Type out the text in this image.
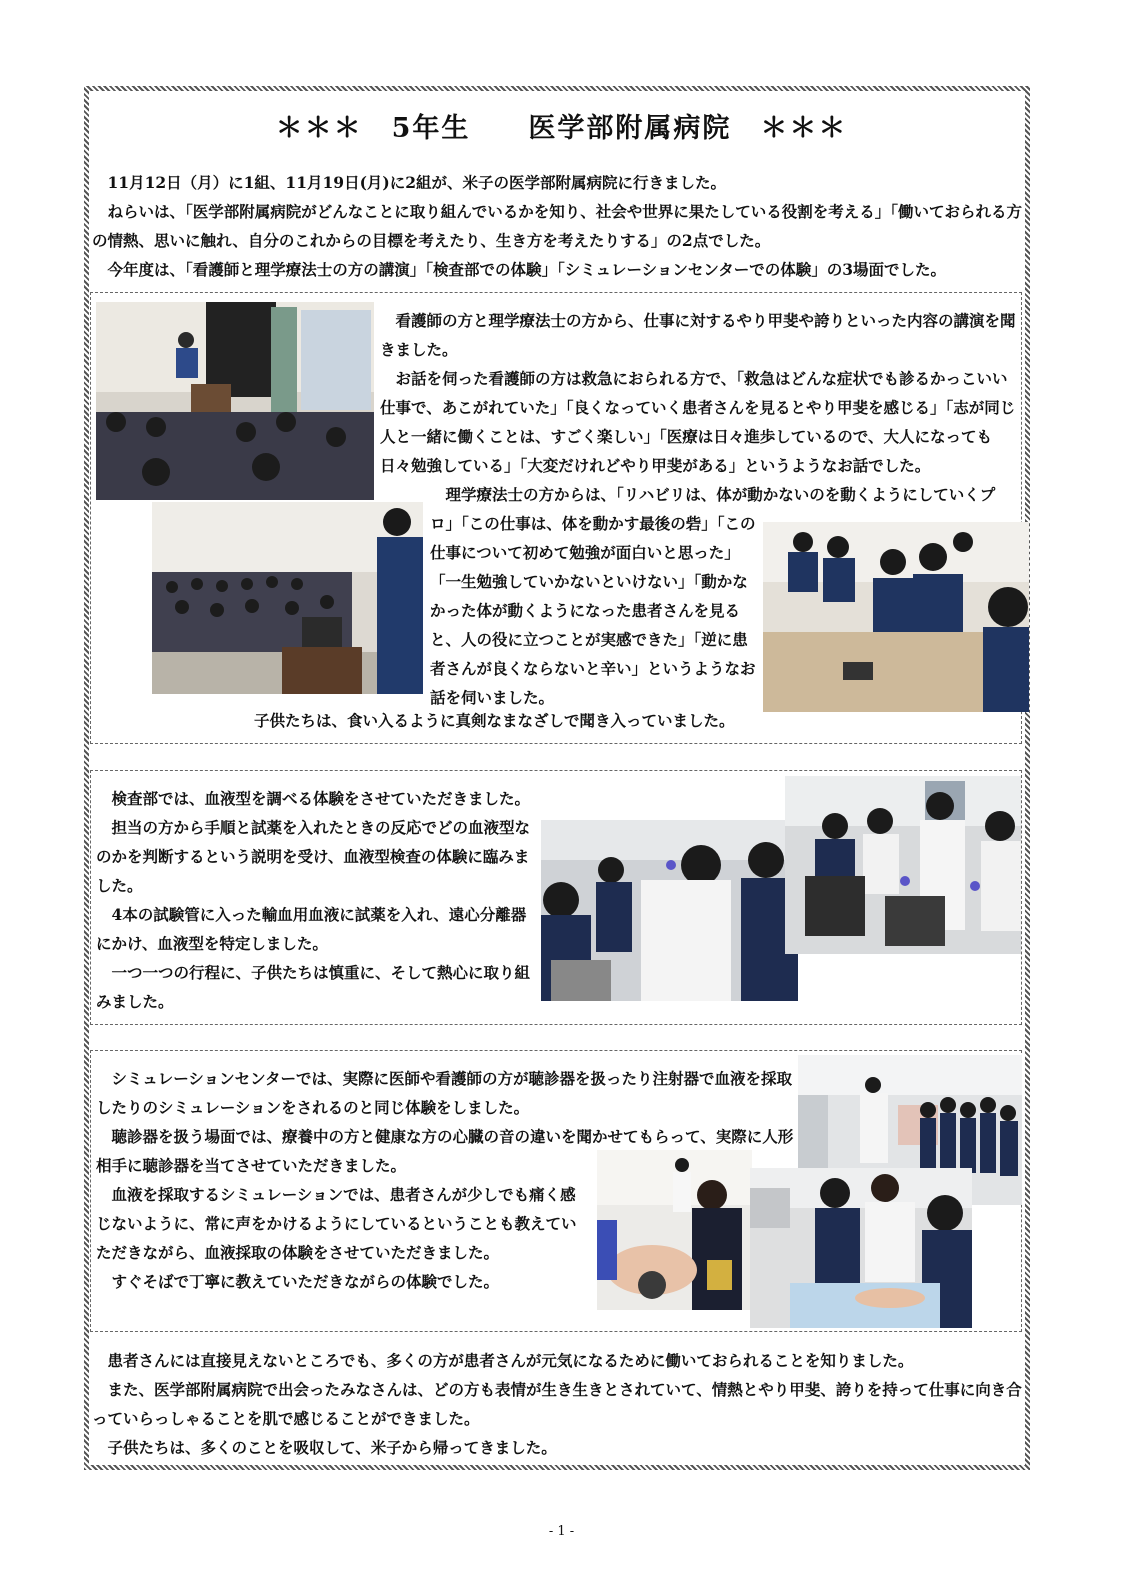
＊＊＊　5年生　　医学部附属病院　＊＊＊

11月12日（月）に1組、11月19日(月)に2組が、米子の医学部附属病院に行きました。

ねらいは、「医学部附属病院がどんなことに取り組んでいるかを知り、社会や世界に果たしている役割を考える」「働いておられる方の情熱、思いに触れ、自分のこれからの目標を考えたり、生き方を考えたりする」の2点でした。

今年度は、「看護師と理学療法士の方の講演」「検査部での体験」「シミュレーションセンターでの体験」の3場面でした。

看護師の方と理学療法士の方から、仕事に対するやり甲斐や誇りといった内容の講演を聞きました。

お話を伺った看護師の方は救急におられる方で、「救急はどんな症状でも診るかっこいい仕事で、あこがれていた」「良くなっていく患者さんを見るとやり甲斐を感じる」「志が同じ人と一緒に働くことは、すごく楽しい」「医療は日々進歩しているので、大人になっても日々勉強している」「大変だけれどやり甲斐がある」というようなお話でした。

理学療法士の方からは、「リハビリは、体が動かないのを動くようにしていくプ

ロ」「この仕事は、体を動かす最後の砦」「この仕事について初めて勉強が面白いと思った」「一生勉強していかないといけない」「動かなかった体が動くようになった患者さんを見ると、人の役に立つことが実感できた」「逆に患者さんが良くならないと辛い」というようなお話を伺いました。

子供たちは、食い入るように真剣なまなざしで聞き入っていました。

検査部では、血液型を調べる体験をさせていただきました。

担当の方から手順と試薬を入れたときの反応でどの血液型なのかを判断するという説明を受け、血液型検査の体験に臨みました。

4本の試験管に入った輸血用血液に試薬を入れ、遠心分離器にかけ、血液型を特定しました。

一つ一つの行程に、子供たちは慎重に、そして熱心に取り組みました。

シミュレーションセンターでは、実際に医師や看護師の方が聴診器を扱ったり注射器で血液を採取したりのシミュレーションをされるのと同じ体験をしました。

聴診器を扱う場面では、療養中の方と健康な方の心臓の音の違いを聞かせてもらって、実際に人形相手に聴診器を当てさせていただきました。

血液を採取するシミュレーションでは、患者さんが少しでも痛く感じないように、常に声をかけるようにしているということも教えていただきながら、血液採取の体験をさせていただきました。

すぐそばで丁寧に教えていただきながらの体験でした。

患者さんには直接見えないところでも、多くの方が患者さんが元気になるために働いておられることを知りました。

また、医学部附属病院で出会ったみなさんは、どの方も表情が生き生きとされていて、情熱とやり甲斐、誇りを持って仕事に向き合っていらっしゃることを肌で感じることができました。

子供たちは、多くのことを吸収して、米子から帰ってきました。

- 1 -
